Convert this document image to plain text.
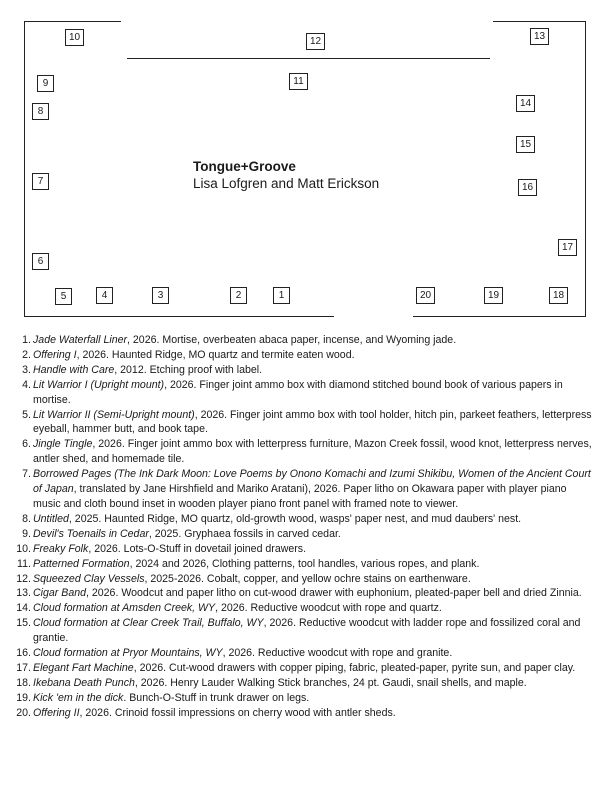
1
2
3
4
5
6
7
8
9
10
11
12	13
14
15
16
17
18
19
20
Tongue+Groove
Lisa Lofgren and Matt Erickson
1. Jade Waterfall Liner, 2026. Mortise, overbeaten abaca paper, incense, and Wyoming jade.
2. Offering I, 2026. Haunted Ridge, MO quartz and termite eaten wood.
3. Handle with Care, 2012. Etching proof with label.
4. Lit Warrior I (Upright mount), 2026. Finger joint ammo box with diamond stitched bound book of various papers in mortise.
5. Lit Warrior II (Semi-Upright mount), 2026. Finger joint ammo box with tool holder, hitch pin, parkeet feathers, letterpress eyeball, hammer butt, and book tape.
6. Jingle Tingle, 2026. Finger joint ammo box with letterpress furniture, Mazon Creek fossil, wood knot, letterpress nerves, antler shed, and homemade tile.
7. Borrowed Pages (The Ink Dark Moon: Love Poems by Onono Komachi and Izumi Shikibu, Women of the Ancient Court of Japan, translated by Jane Hirshfield and Mariko Aratani), 2026. Paper litho on Okawara paper with player piano music and cloth bound inset in wooden player piano front panel with framed note to viewer.
8. Untitled, 2025. Haunted Ridge, MO quartz, old-growth wood, wasps' paper nest, and mud daubers' nest.
9. Devil's Toenails in Cedar, 2025. Gryphaea fossils in carved cedar.
10. Freaky Folk, 2026. Lots-O-Stuff in dovetail joined drawers.
11. Patterned Formation, 2024 and 2026, Clothing patterns, tool handles, various ropes, and plank.
12. Squeezed Clay Vessels, 2025-2026. Cobalt, copper, and yellow ochre stains on earthenware.
13. Cigar Band, 2026. Woodcut and paper litho on cut-wood drawer with euphonium, pleated-paper bell and dried Zinnia.
14. Cloud formation at Amsden Creek, WY, 2026. Reductive woodcut with rope and quartz.
15. Cloud formation at Clear Creek Trail, Buffalo, WY, 2026. Reductive woodcut with ladder rope and fossilized coral and grantie.
16. Cloud formation at Pryor Mountains, WY, 2026. Reductive woodcut with rope and granite.
17. Elegant Fart Machine, 2026. Cut-wood drawers with copper piping, fabric, pleated-paper, pyrite sun, and paper clay.
18. Ikebana Death Punch, 2026. Henry Lauder Walking Stick branches, 24 pt. Gaudi, snail shells, and maple.
19. Kick 'em in the dick. Bunch-O-Stuff in trunk drawer on legs.
20. Offering II, 2026. Crinoid fossil impressions on cherry wood with antler sheds.
